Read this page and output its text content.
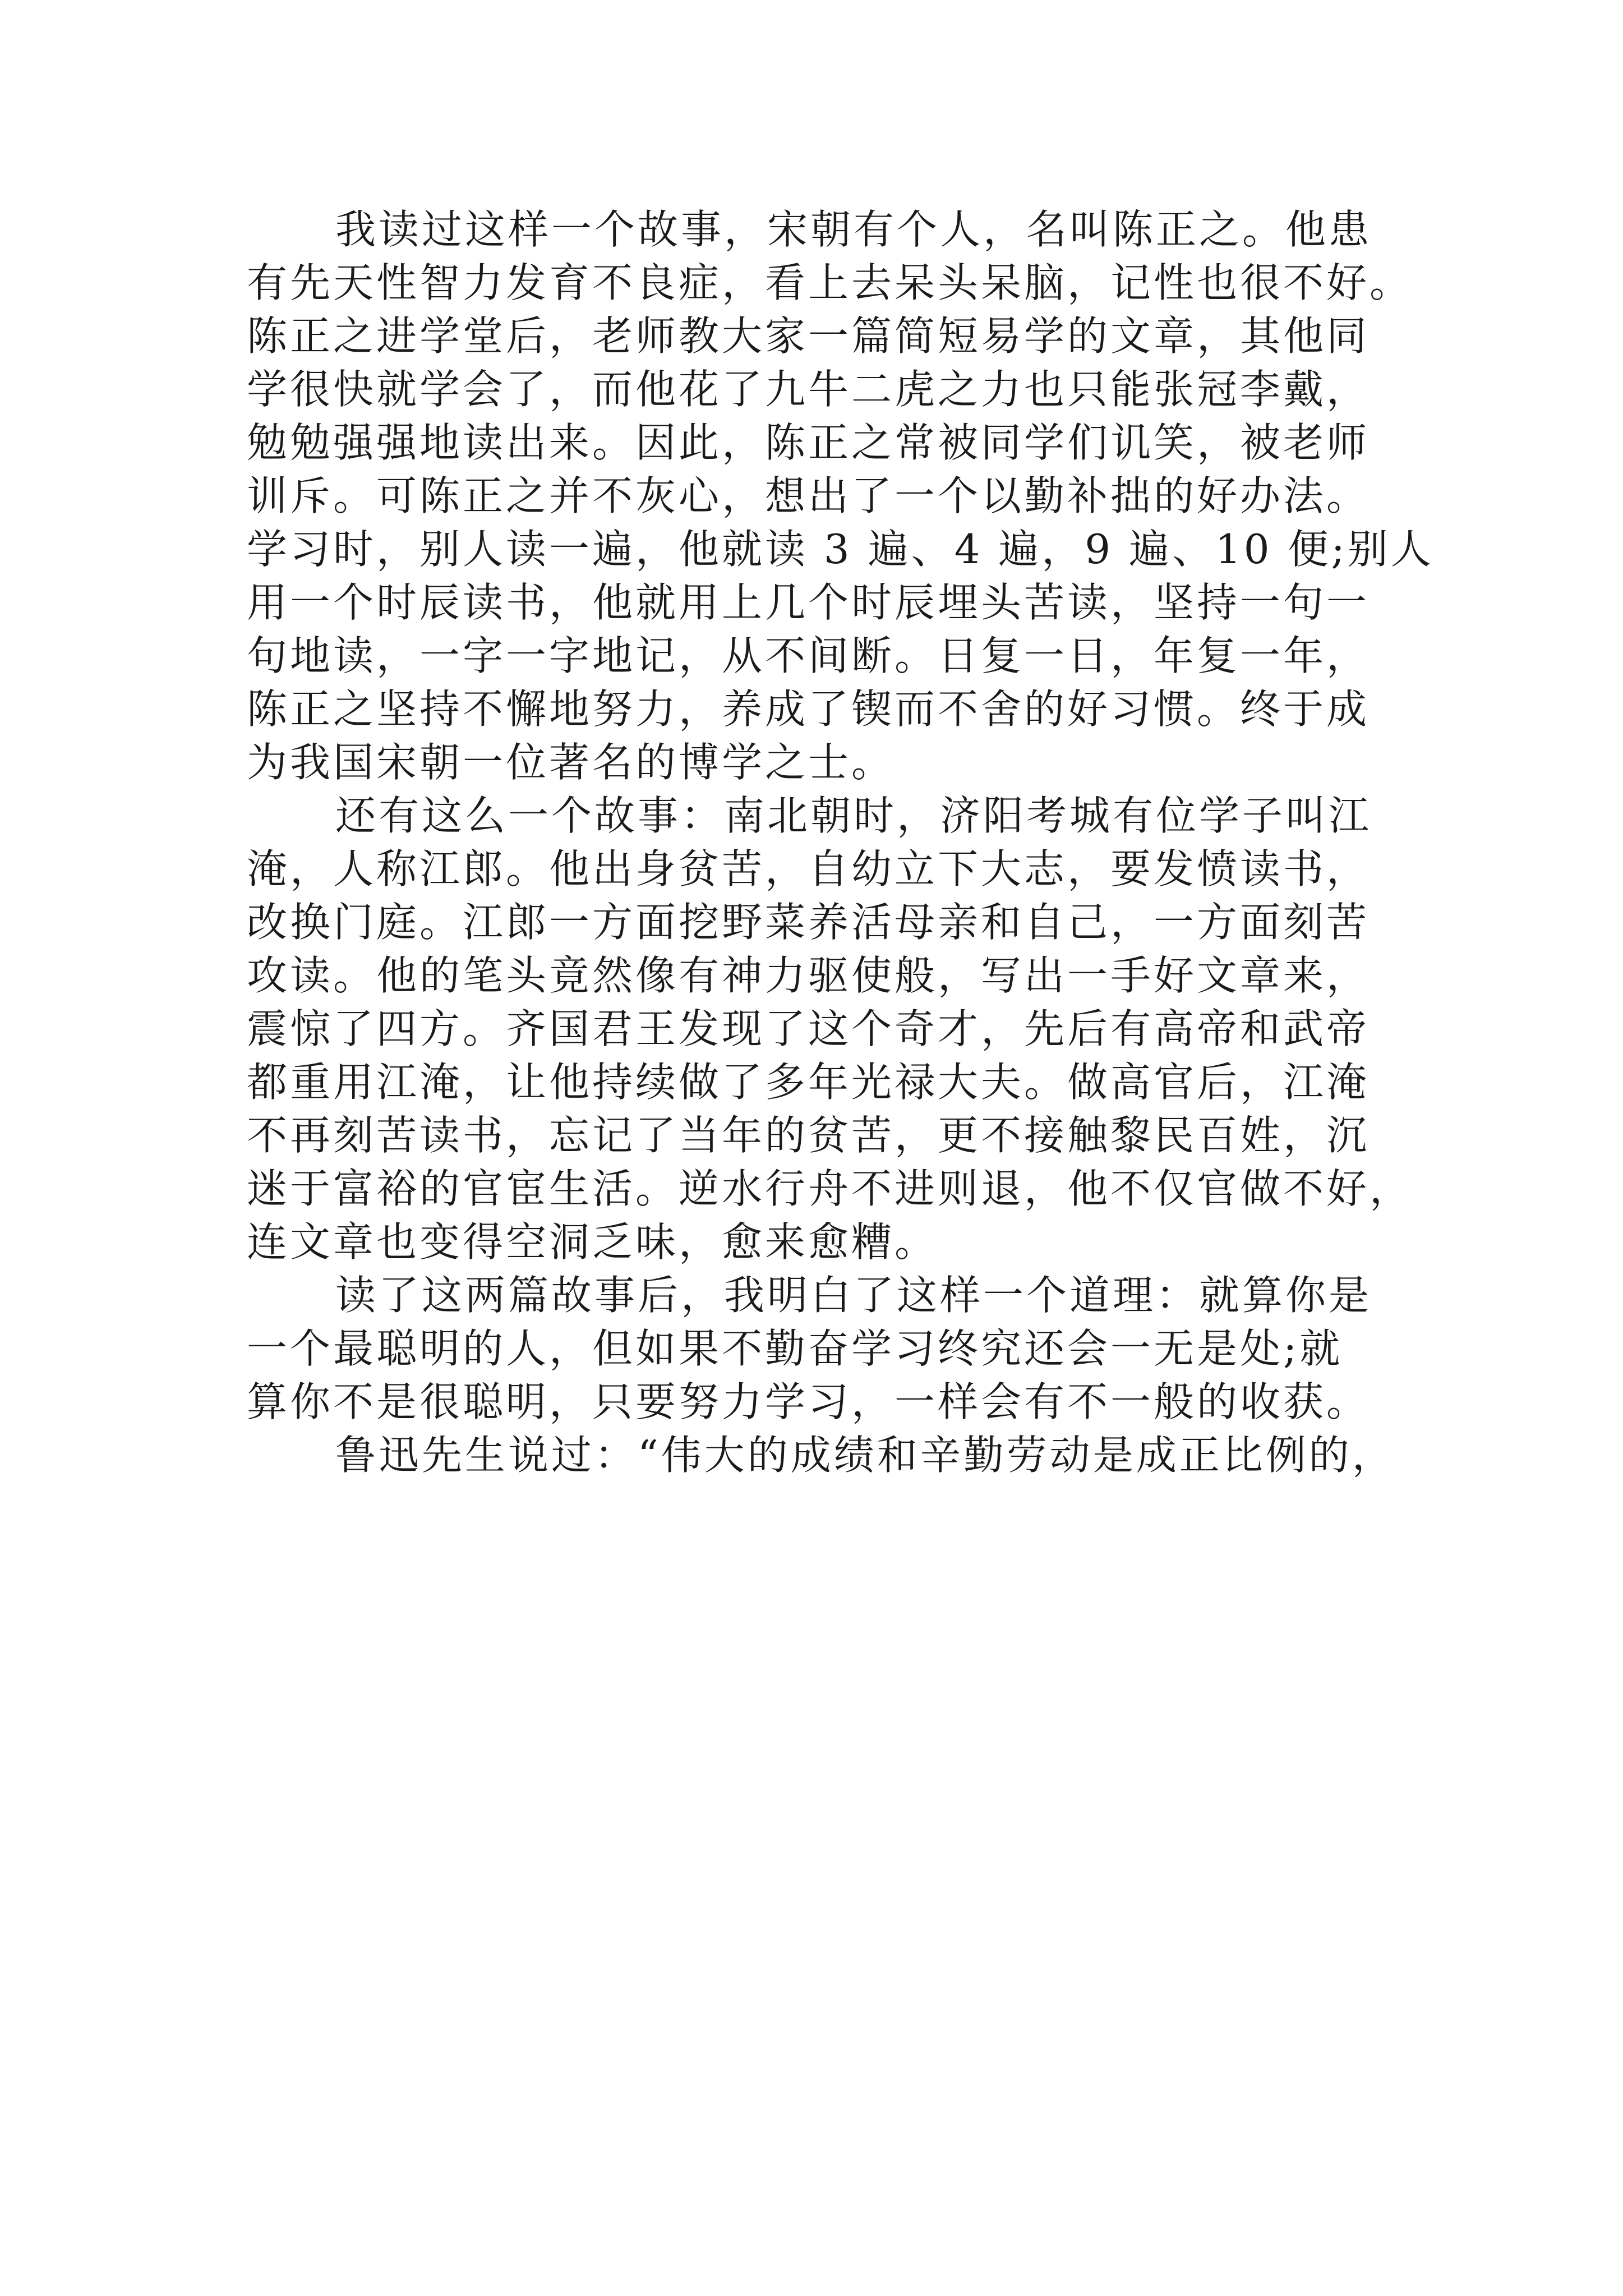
我读过这样一个故事，宋朝有个人，名叫陈正之。他患
有先天性智力发育不良症，看上去呆头呆脑，记性也很不好。
陈正之进学堂后，老师教大家一篇简短易学的文章，其他同
学很快就学会了，而他花了九牛二虎之力也只能张冠李戴，
勉勉强强地读出来。因此，陈正之常被同学们讥笑，被老师
训斥。可陈正之并不灰心，想出了一个以勤补拙的好办法。
学习时，别人读一遍，他就读 3 遍、4 遍，9 遍、10 便;别人
用一个时辰读书，他就用上几个时辰埋头苦读，坚持一句一
句地读，一字一字地记，从不间断。日复一日，年复一年，
陈正之坚持不懈地努力，养成了锲而不舍的好习惯。终于成
为我国宋朝一位著名的博学之士。
还有这么一个故事：南北朝时，济阳考城有位学子叫江
淹，人称江郎。他出身贫苦，自幼立下大志，要发愤读书，
改换门庭。江郎一方面挖野菜养活母亲和自己，一方面刻苦
攻读。他的笔头竟然像有神力驱使般，写出一手好文章来，
震惊了四方。齐国君王发现了这个奇才，先后有高帝和武帝
都重用江淹，让他持续做了多年光禄大夫。做高官后，江淹
不再刻苦读书，忘记了当年的贫苦，更不接触黎民百姓，沉
迷于富裕的官宦生活。逆水行舟不进则退，他不仅官做不好，
连文章也变得空洞乏味，愈来愈糟。
读了这两篇故事后，我明白了这样一个道理：就算你是
一个最聪明的人，但如果不勤奋学习终究还会一无是处;就
算你不是很聪明，只要努力学习，一样会有不一般的收获。
鲁迅先生说过：“伟大的成绩和辛勤劳动是成正比例的，
